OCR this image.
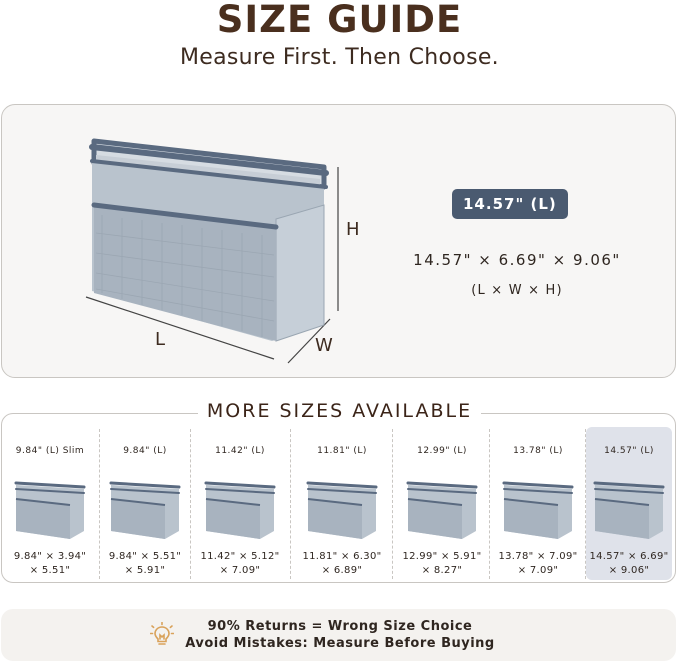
SIZE GUIDE
Measure First. Then Choose.
H
L	W
14.57" (L)
14.57" × 6.69" × 9.06"
(L × W × H)
MORE SIZES AVAILABLE
9.84" (L) Slim
9.84" × 3.94"
× 5.51"
9.84" (L)
9.84" × 5.51"
× 5.91"
11.42" (L)
11.42" × 5.12"
× 7.09"
11.81" (L)
11.81" × 6.30"
× 6.89"
12.99" (L)
12.99" × 5.91"
× 8.27"
13.78" (L)
13.78" × 7.09"
× 7.09"
14.57" (L)
14.57" × 6.69"
× 9.06"
90% Returns = Wrong Size Choice
Avoid Mistakes: Measure Before Buying
